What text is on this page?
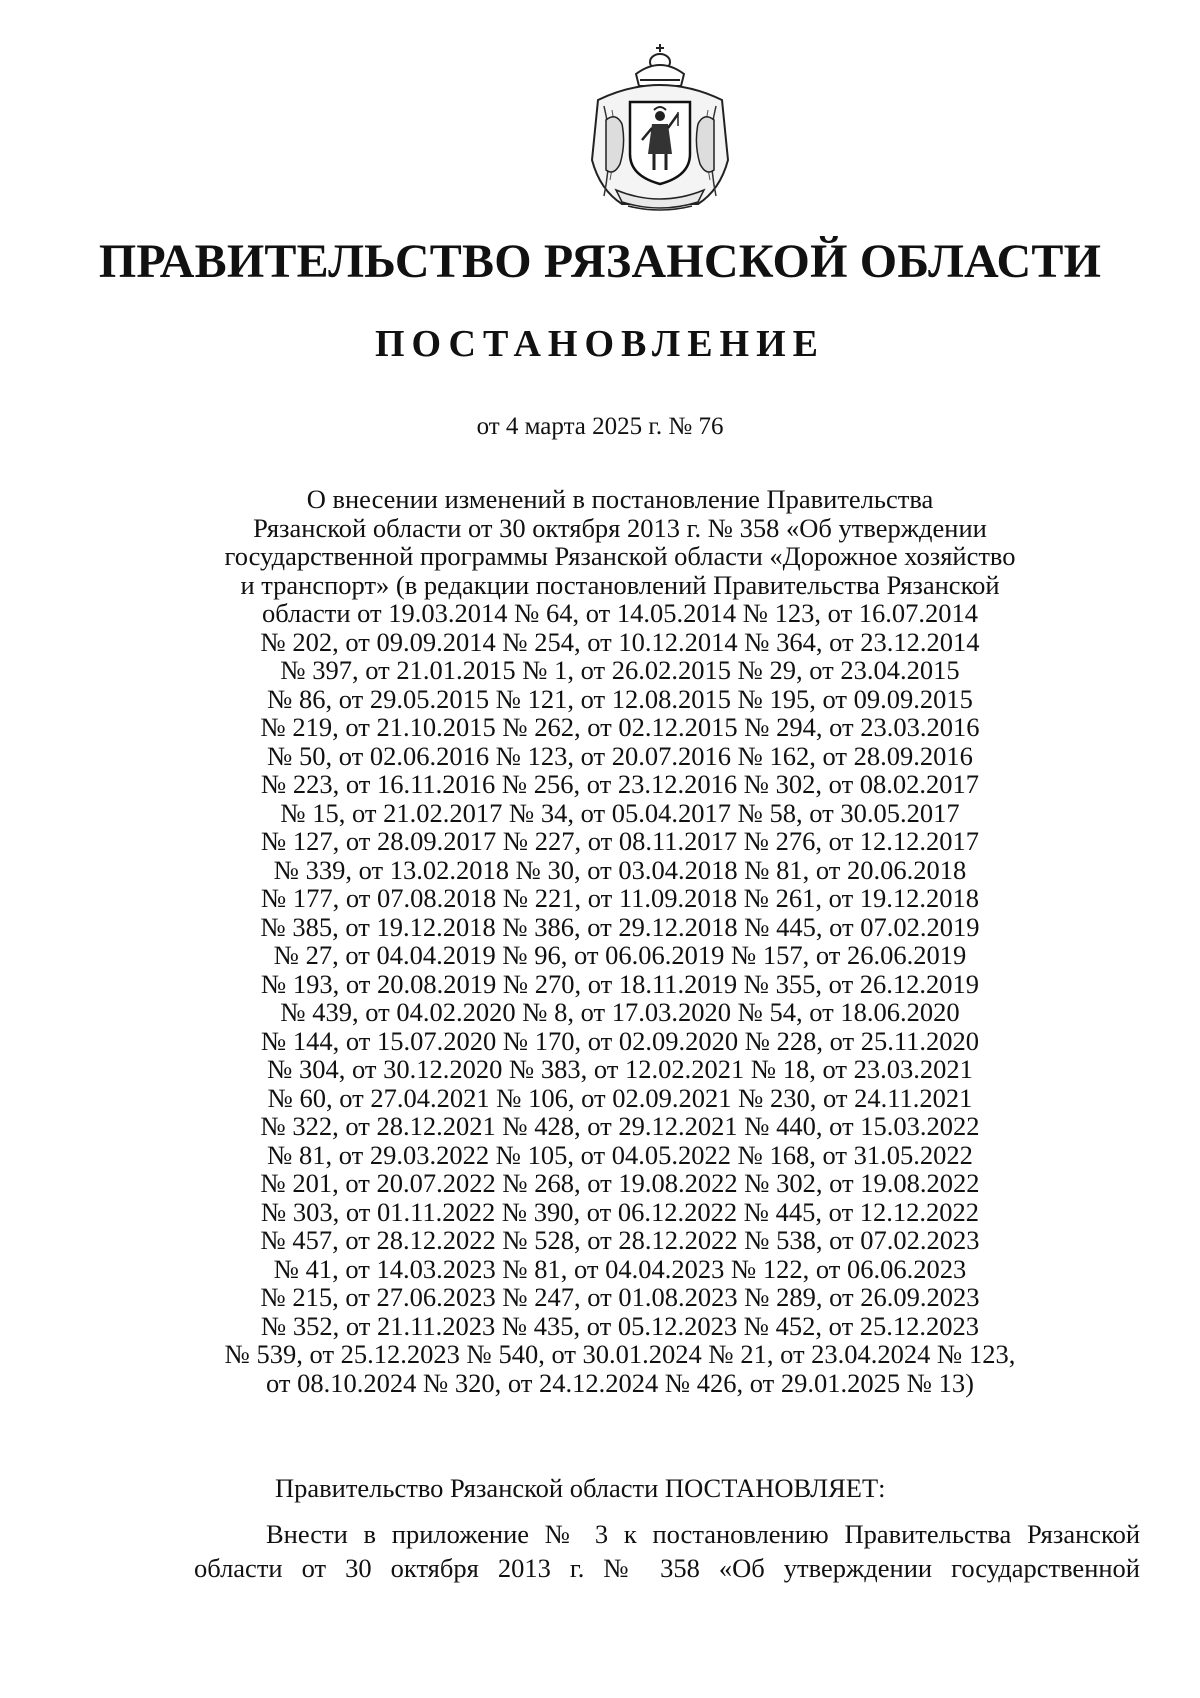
ПРАВИТЕЛЬСТВО РЯЗАНСКОЙ ОБЛАСТИ
ПОСТАНОВЛЕНИЕ
от 4 марта 2025 г. № 76
О внесении изменений в постановление Правительства
Рязанской области от 30 октября 2013 г. № 358 «Об утверждении
государственной программы Рязанской области «Дорожное хозяйство
и транспорт» (в редакции постановлений Правительства Рязанской
области от 19.03.2014 № 64, от 14.05.2014 № 123, от 16.07.2014
№ 202, от 09.09.2014 № 254, от 10.12.2014 № 364, от 23.12.2014
№ 397, от 21.01.2015 № 1, от 26.02.2015 № 29, от 23.04.2015
№ 86, от 29.05.2015 № 121, от 12.08.2015 № 195, от 09.09.2015
№ 219, от 21.10.2015 № 262, от 02.12.2015 № 294, от 23.03.2016
№ 50, от 02.06.2016 № 123, от 20.07.2016 № 162, от 28.09.2016
№ 223, от 16.11.2016 № 256, от 23.12.2016 № 302, от 08.02.2017
№ 15, от 21.02.2017 № 34, от 05.04.2017 № 58, от 30.05.2017
№ 127, от 28.09.2017 № 227, от 08.11.2017 № 276, от 12.12.2017
№ 339, от 13.02.2018 № 30, от 03.04.2018 № 81, от 20.06.2018
№ 177, от 07.08.2018 № 221, от 11.09.2018 № 261, от 19.12.2018
№ 385, от 19.12.2018 № 386, от 29.12.2018 № 445, от 07.02.2019
№ 27, от 04.04.2019 № 96, от 06.06.2019 № 157, от 26.06.2019
№ 193, от 20.08.2019 № 270, от 18.11.2019 № 355, от 26.12.2019
№ 439, от 04.02.2020 № 8, от 17.03.2020 № 54, от 18.06.2020
№ 144, от 15.07.2020 № 170, от 02.09.2020 № 228, от 25.11.2020
№ 304, от 30.12.2020 № 383, от 12.02.2021 № 18, от 23.03.2021
№ 60, от 27.04.2021 № 106, от 02.09.2021 № 230, от 24.11.2021
№ 322, от 28.12.2021 № 428, от 29.12.2021 № 440, от 15.03.2022
№ 81, от 29.03.2022 № 105, от 04.05.2022 № 168, от 31.05.2022
№ 201, от 20.07.2022 № 268, от 19.08.2022 № 302, от 19.08.2022
№ 303, от 01.11.2022 № 390, от 06.12.2022 № 445, от 12.12.2022
№ 457, от 28.12.2022 № 528, от 28.12.2022 № 538, от 07.02.2023
№ 41, от 14.03.2023 № 81, от 04.04.2023 № 122, от 06.06.2023
№ 215, от 27.06.2023 № 247, от 01.08.2023 № 289, от 26.09.2023
№ 352, от 21.11.2023 № 435, от 05.12.2023 № 452, от 25.12.2023
№ 539, от 25.12.2023 № 540, от 30.01.2024 № 21, от 23.04.2024 № 123,
от 08.10.2024 № 320, от 24.12.2024 № 426, от 29.01.2025 № 13)
Правительство Рязанской области ПОСТАНОВЛЯЕТ:
Внести в приложение № 3 к постановлению Правительства Рязанской
области от 30 октября 2013 г. № 358 «Об утверждении государственной
